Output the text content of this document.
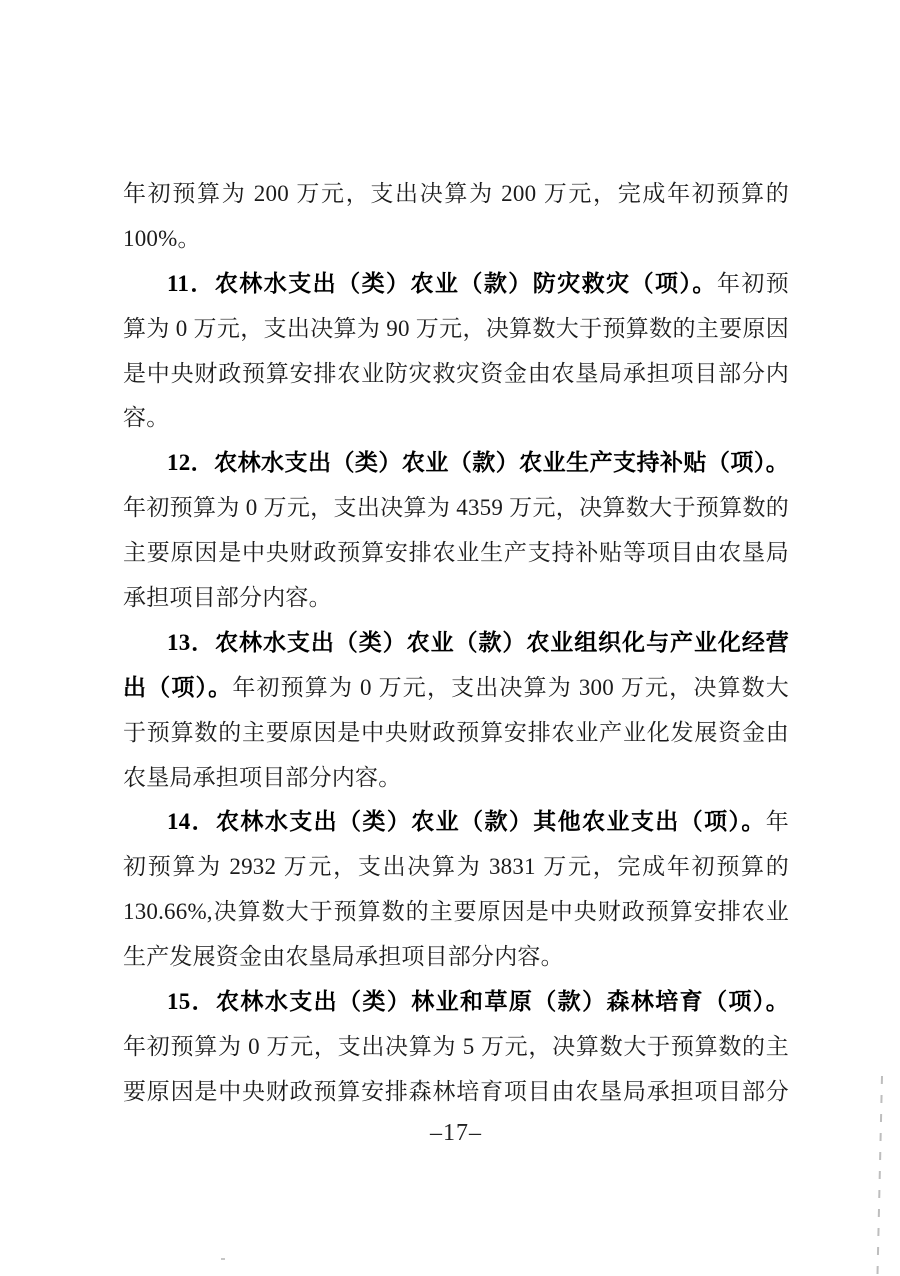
年初预算为 200 万元，支出决算为 200 万元，完成年初预算的
100%。
11．农林水支出（类）农业（款）防灾救灾（项）。年初预
算为 0 万元，支出决算为 90 万元，决算数大于预算数的主要原因
是中央财政预算安排农业防灾救灾资金由农垦局承担项目部分内
容。
12．农林水支出（类）农业（款）农业生产支持补贴（项）。
年初预算为 0 万元，支出决算为 4359 万元，决算数大于预算数的
主要原因是中央财政预算安排农业生产支持补贴等项目由农垦局
承担项目部分内容。
13．农林水支出（类）农业（款）农业组织化与产业化经营
出（项）。年初预算为 0 万元，支出决算为 300 万元，决算数大
于预算数的主要原因是中央财政预算安排农业产业化发展资金由
农垦局承担项目部分内容。
14．农林水支出（类）农业（款）其他农业支出（项）。年
初预算为 2932 万元，支出决算为 3831 万元，完成年初预算的
130.66%,决算数大于预算数的主要原因是中央财政预算安排农业
生产发展资金由农垦局承担项目部分内容。
15．农林水支出（类）林业和草原（款）森林培育（项）。
年初预算为 0 万元，支出决算为 5 万元，决算数大于预算数的主
要原因是中央财政预算安排森林培育项目由农垦局承担项目部分
–17–
